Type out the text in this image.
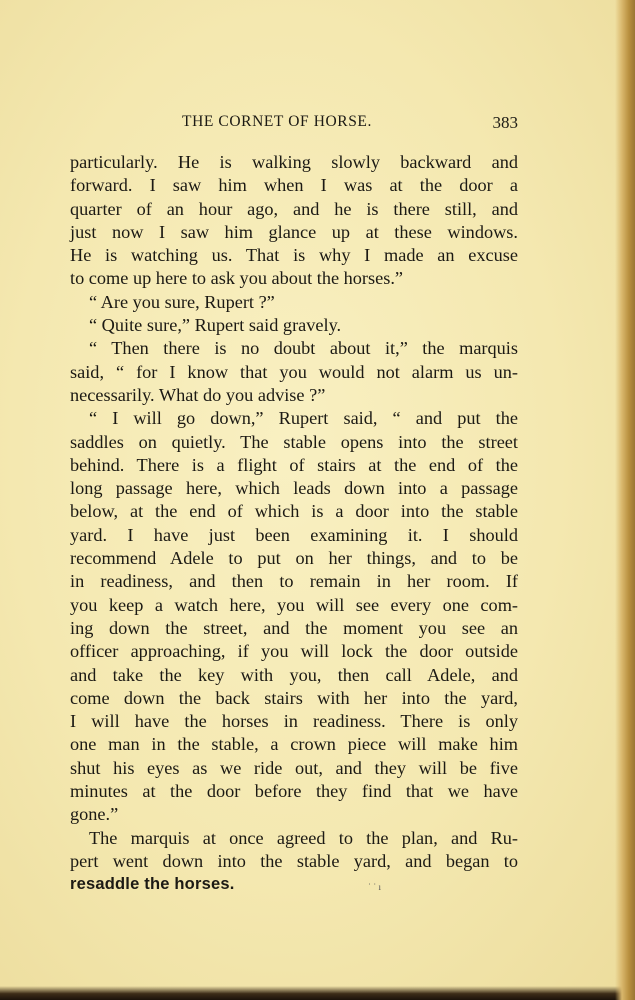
THE CORNET OF HORSE.	383
particularly. He is walking slowly backward and
forward. I saw him when I was at the door a
quarter of an hour ago, and he is there still, and
just now I saw him glance up at these windows.
He is watching us. That is why I made an excuse
to come up here to ask you about the horses.”
“ Are you sure, Rupert ?”
“ Quite sure,” Rupert said gravely.
“ Then there is no doubt about it,” the marquis
said, “ for I know that you would not alarm us un-
necessarily. What do you advise ?”
“ I will go down,” Rupert said, “ and put the
saddles on quietly. The stable opens into the street
behind. There is a flight of stairs at the end of the
long passage here, which leads down into a passage
below, at the end of which is a door into the stable
yard. I have just been examining it. I should
recommend Adele to put on her things, and to be
in readiness, and then to remain in her room. If
you keep a watch here, you will see every one com-
ing down the street, and the moment you see an
officer approaching, if you will lock the door outside
and take the key with you, then call Adele, and
come down the back stairs with her into the yard,
I will have the horses in readiness. There is only
one man in the stable, a crown piece will make him
shut his eyes as we ride out, and they will be five
minutes at the door before they find that we have
gone.”
The marquis at once agreed to the plan, and Ru-
pert went down into the stable yard, and began to
resaddle the horses.	˙ ˙ ı
